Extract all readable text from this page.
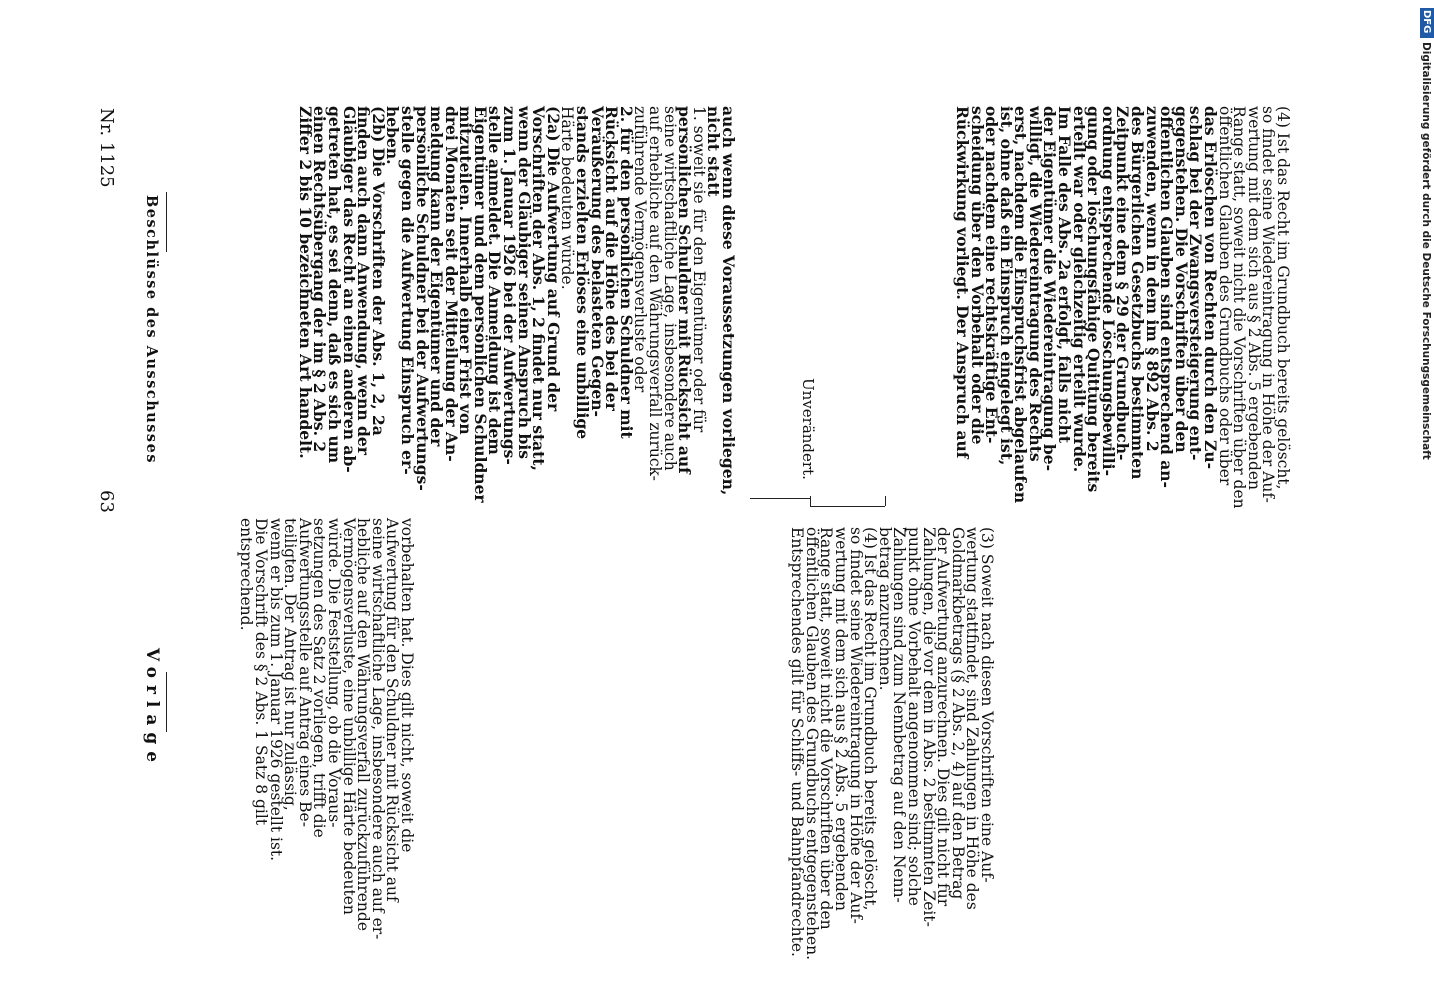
Vorlage
63
Beschlüsse des Ausschusses
Nr. 1125

vorbehalten hat. Dies gilt nicht, soweit die

Aufwertung für den Schuldner mit Rücksicht auf

seine wirtschaftliche Lage, insbesondere auch auf er-

hebliche auf den Währungsverfall zurückzuführende

Vermögensverluste, eine unbillige Härte bedeuten

würde. Die Feststellung, ob die Voraus-

setzungen des Satz 2 vorliegen, trifft die

Aufwertungsstelle auf Antrag eines Be-

teiligten. Der Antrag ist nur zulässig,

wenn er bis zum 1. Januar 1926 gestellt ist.

Die Vorschrift des § 2 Abs. 1 Satz 8 gilt

entsprechend.	(3) Soweit nach diesen Vorschriften eine Auf-

wertung stattfindet, sind Zahlungen in Höhe des

Goldmarkbetrags (§ 2 Abs. 2, 4) auf den Betrag

der Aufwertung anzurechnen. Dies gilt nicht für

Zahlungen, die vor dem in Abs. 2 bestimmten Zeit-

punkt ohne Vorbehalt angenommen sind; solche

Zahlungen sind zum Nennbetrag auf den Nenn-

betrag anzurechnen.

(4) Ist das Recht im Grundbuch bereits gelöscht,

so findet seine Wiedereintragung in Höhe der Auf-

wertung mit dem sich aus § 2 Abs. 5 ergebenden

Range statt, soweit nicht die Vorschriften über den

öffentlichen Glauben des Grundbuchs entgegenstehen.

Entsprechendes gilt für Schiffs- und Bahnpfandrechte.

auch wenn diese Voraussetzungen vorliegen,

nicht statt

1. soweit sie für den Eigentümer oder für

persönlichen Schuldner mit Rücksicht auf

seine wirtschaftliche Lage, insbesondere auch

auf erhebliche auf den Währungsverfall zurück-

zuführende Vermögensverluste oder

2. für den persönlichen Schuldner mit

Rücksicht auf die Höhe des bei der

Veräußerung des belasteten Gegen-

stands erzielten Erlöses eine unbillige

Härte bedeuten würde.

(2a) Die Aufwertung auf Grund der

Vorschriften der Abs. 1, 2 findet nur statt,

wenn der Gläubiger seinen Anspruch bis

zum 1. Januar 1926 bei der Aufwertungs-

stelle anmeldet. Die Anmeldung ist dem

Eigentümer und dem persönlichen Schuldner

mitzuteilen. Innerhalb einer Frist von

drei Monaten seit der Mitteilung der An-

meldung kann der Eigentümer und der

persönliche Schuldner bei der Aufwertungs-

stelle gegen die Aufwertung Einspruch er-

heben.

(2b) Die Vorschriften der Abs. 1, 2, 2a

finden auch dann Anwendung, wenn der

Gläubiger das Recht an einen anderen ab-

getreten hat, es sei denn, daß es sich um

einen Rechtsübergang der im § 2 Abs. 2

Ziffer 2 bis 10 bezeichneten Art handelt.	Unverändert.	(4) Ist das Recht im Grundbuch bereits gelöscht,

so findet seine Wiedereintragung in Höhe der Auf-

wertung mit dem sich aus § 2 Abs. 5 ergebenden

Range statt, soweit nicht die Vorschriften über den

öffentlichen Glauben des Grundbuchs oder über

das Erlöschen von Rechten durch den Zu-

schlag bei der Zwangsversteigerung ent-

gegenstehen. Die Vorschriften über den

öffentlichen Glauben sind entsprechend an-

zuwenden, wenn in dem im § 892 Abs. 2

des Bürgerlichen Gesetzbuchs bestimmten

Zeitpunkt eine dem § 29 der Grundbuch-

ordnung entsprechende Löschungsbewilli-

gung oder löschungsfähige Quittung bereits

erteilt war oder gleichzeitig erteilt wurde.

Im Falle des Abs. 2a erfolgt, falls nicht

der Eigentümer die Wiedereintragung be-

willigt, die Wiedereintragung des Rechts

erst, nachdem die Einspruchsfrist abgelaufen

ist, ohne daß ein Einspruch eingelegt ist,

oder nachdem eine rechtskräftige Ent-

scheidung über den Vorbehalt oder die

Rückwirkung vorliegt. Der Anspruch auf

DFG
Digitalisierung gefördert durch die Deutsche Forschungsgemeinschaft
